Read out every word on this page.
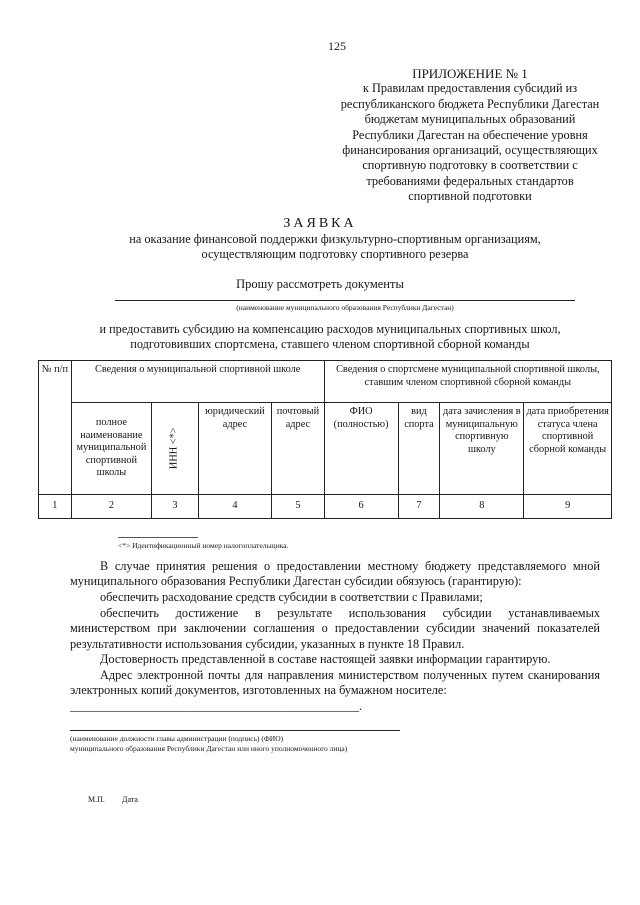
125
ПРИЛОЖЕНИЕ № 1
к Правилам предоставления субсидий из
республиканского бюджета Республики Дагестан
бюджетам муниципальных образований
Республики Дагестан на обеспечение уровня
финансирования организаций, осуществляющих
спортивную подготовку в соответствии с
требованиями федеральных стандартов
спортивной подготовки
ЗАЯВКА
на оказание финансовой поддержки физкультурно-спортивным организациям,
осуществляющим подготовку спортивного резерва
Прошу рассмотреть документы
(наименование муниципального образования Республики Дагестан)
и предоставить субсидию на компенсацию расходов муниципальных спортивных школ,
подготовивших спортсмена, ставшего членом спортивной сборной команды
№ п/п	Сведения о муниципальной спортивной школе				Сведения о спортсмене муниципальной спортивной школы, ставшим членом спортивной сборной команды			
	полное наименование муниципальной спортивной школы	ИНН <*>	юридический адрес	почтовый адрес	ФИО (полностью)	вид спорта	дата зачисления в муниципальную спортивную школу	дата приобретения статуса члена спортивной сборной команды
1	2	3	4	5	6	7	8	9
<*> Идентификационный номер налогоплательщика.
В случае принятия решения о предоставлении местному бюджету представляемого мной муниципального образования Республики Дагестан субсидии обязуюсь (гарантирую):
обеспечить расходование средств субсидии в соответствии с Правилами;
обеспечить достижение в результате использования субсидии устанавливаемых министерством при заключении соглашения о предоставлении субсидии значений показателей результативности использования субсидии, указанных в пункте 18 Правил.
Достоверность представленной в составе настоящей заявки информации гарантирую.
Адрес электронной почты для направления министерством полученных путем сканирования электронных копий документов, изготовленных на бумажном носителе:
_______________________________________________.
(наименование должности главы администрации (подпись) (ФИО)
муниципального образования Республики Дагестан или иного уполномоченного лица)
М.П. Дата
